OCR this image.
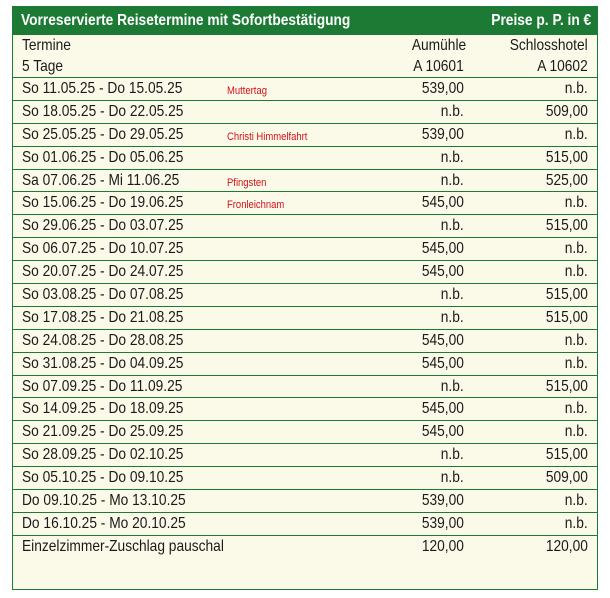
Vorreservierte Reisetermine mit Sofortbestätigung	Preise p. P. in €
Termine	Aumühle	Schlosshotel
5 Tage	A 10601	A 10602
So 11.05.25 - Do 15.05.25	Muttertag	539,00	n.b.
So 18.05.25 - Do 22.05.25	n.b.	509,00
So 25.05.25 - Do 29.05.25	Christi Himmelfahrt	539,00	n.b.
So 01.06.25 - Do 05.06.25	n.b.	515,00
Sa 07.06.25 - Mi 11.06.25	Pfingsten	n.b.	525,00
So 15.06.25 - Do 19.06.25	Fronleichnam	545,00	n.b.
So 29.06.25 - Do 03.07.25	n.b.	515,00
So 06.07.25 - Do 10.07.25	545,00	n.b.
So 20.07.25 - Do 24.07.25	545,00	n.b.
So 03.08.25 - Do 07.08.25	n.b.	515,00
So 17.08.25 - Do 21.08.25	n.b.	515,00
So 24.08.25 - Do 28.08.25	545,00	n.b.
So 31.08.25 - Do 04.09.25	545,00	n.b.
So 07.09.25 - Do 11.09.25	n.b.	515,00
So 14.09.25 - Do 18.09.25	545,00	n.b.
So 21.09.25 - Do 25.09.25	545,00	n.b.
So 28.09.25 - Do 02.10.25	n.b.	515,00
So 05.10.25 - Do 09.10.25	n.b.	509,00
Do 09.10.25 - Mo 13.10.25	539,00	n.b.
Do 16.10.25 - Mo 20.10.25	539,00	n.b.
Einzelzimmer-Zuschlag pauschal	120,00	120,00
